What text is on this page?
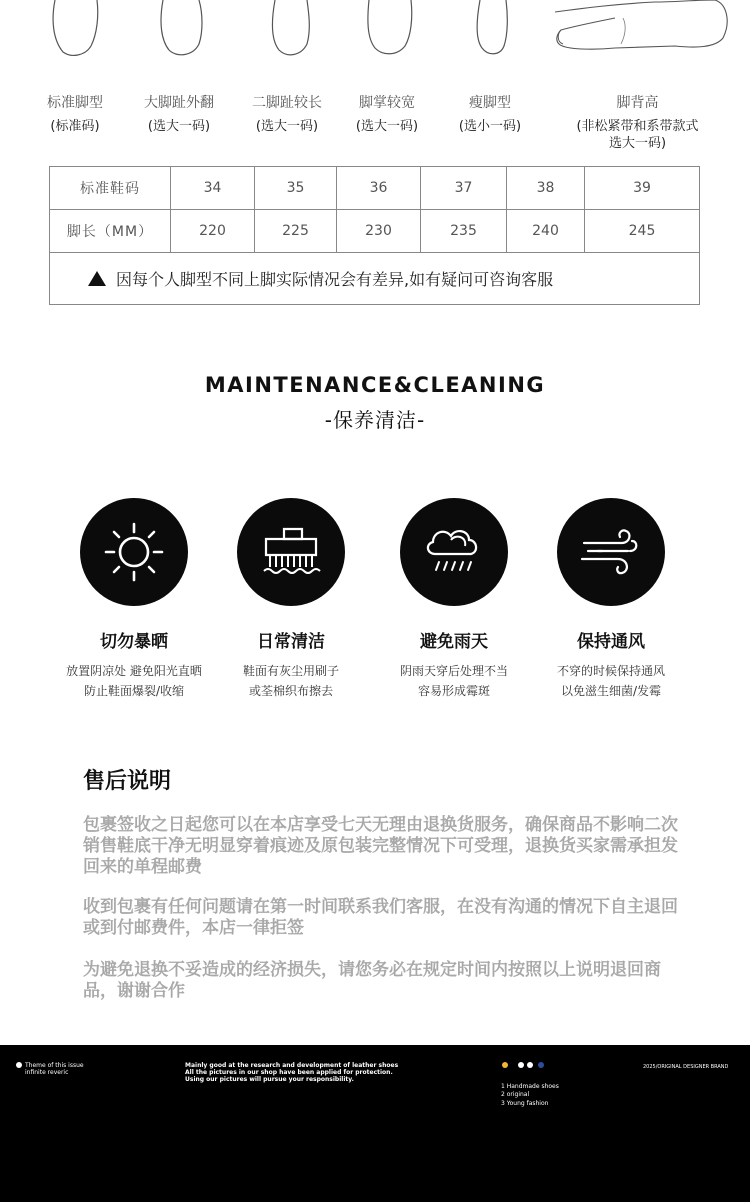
标准脚型
(标准码)
大脚趾外翻
(选大一码)
二脚趾较长
(选大一码)
脚掌较宽
(选大一码)
瘦脚型
(选小一码)
脚背高
(非松紧带和系带款式
选大一码)
标准鞋码	34	35	36	37	38	39
脚长（MM）	220	225	230	235	240	245
因每个人脚型不同上脚实际情况会有差异,如有疑问可咨询客服						
MAINTENANCE&CLEANING
-保养清洁-
切勿暴晒
放置阴凉处 避免阳光直晒
防止鞋面爆裂/收缩
日常清洁
鞋面有灰尘用刷子
或荃棉织布擦去
避免雨天
阴雨天穿后处理不当
容易形成霉斑
保持通风
不穿的时候保持通风
以免滋生细菌/发霉
售后说明
包裹签收之日起您可以在本店享受七天无理由退换货服务，确保商品不影响二次销售鞋底干净无明显穿着痕迹及原包装完整情况下可受理，退换货买家需承担发回来的单程邮费
收到包裹有任何问题请在第一时间联系我们客服，在没有沟通的情况下自主退回或到付邮费件，本店一律拒签
为避免退换不妥造成的经济损失，请您务必在规定时间内按照以上说明退回商品，谢谢合作
Theme of this issue
infinite reveric
Mainly good at the research and development of leather shoes
All the pictures in our shop have been applied for protection.
Using our pictures will pursue your responsibility.
1 Handmade shoes
2 original
3 Young fashion
2025/ORIGINAL DESIGNER BRAND
